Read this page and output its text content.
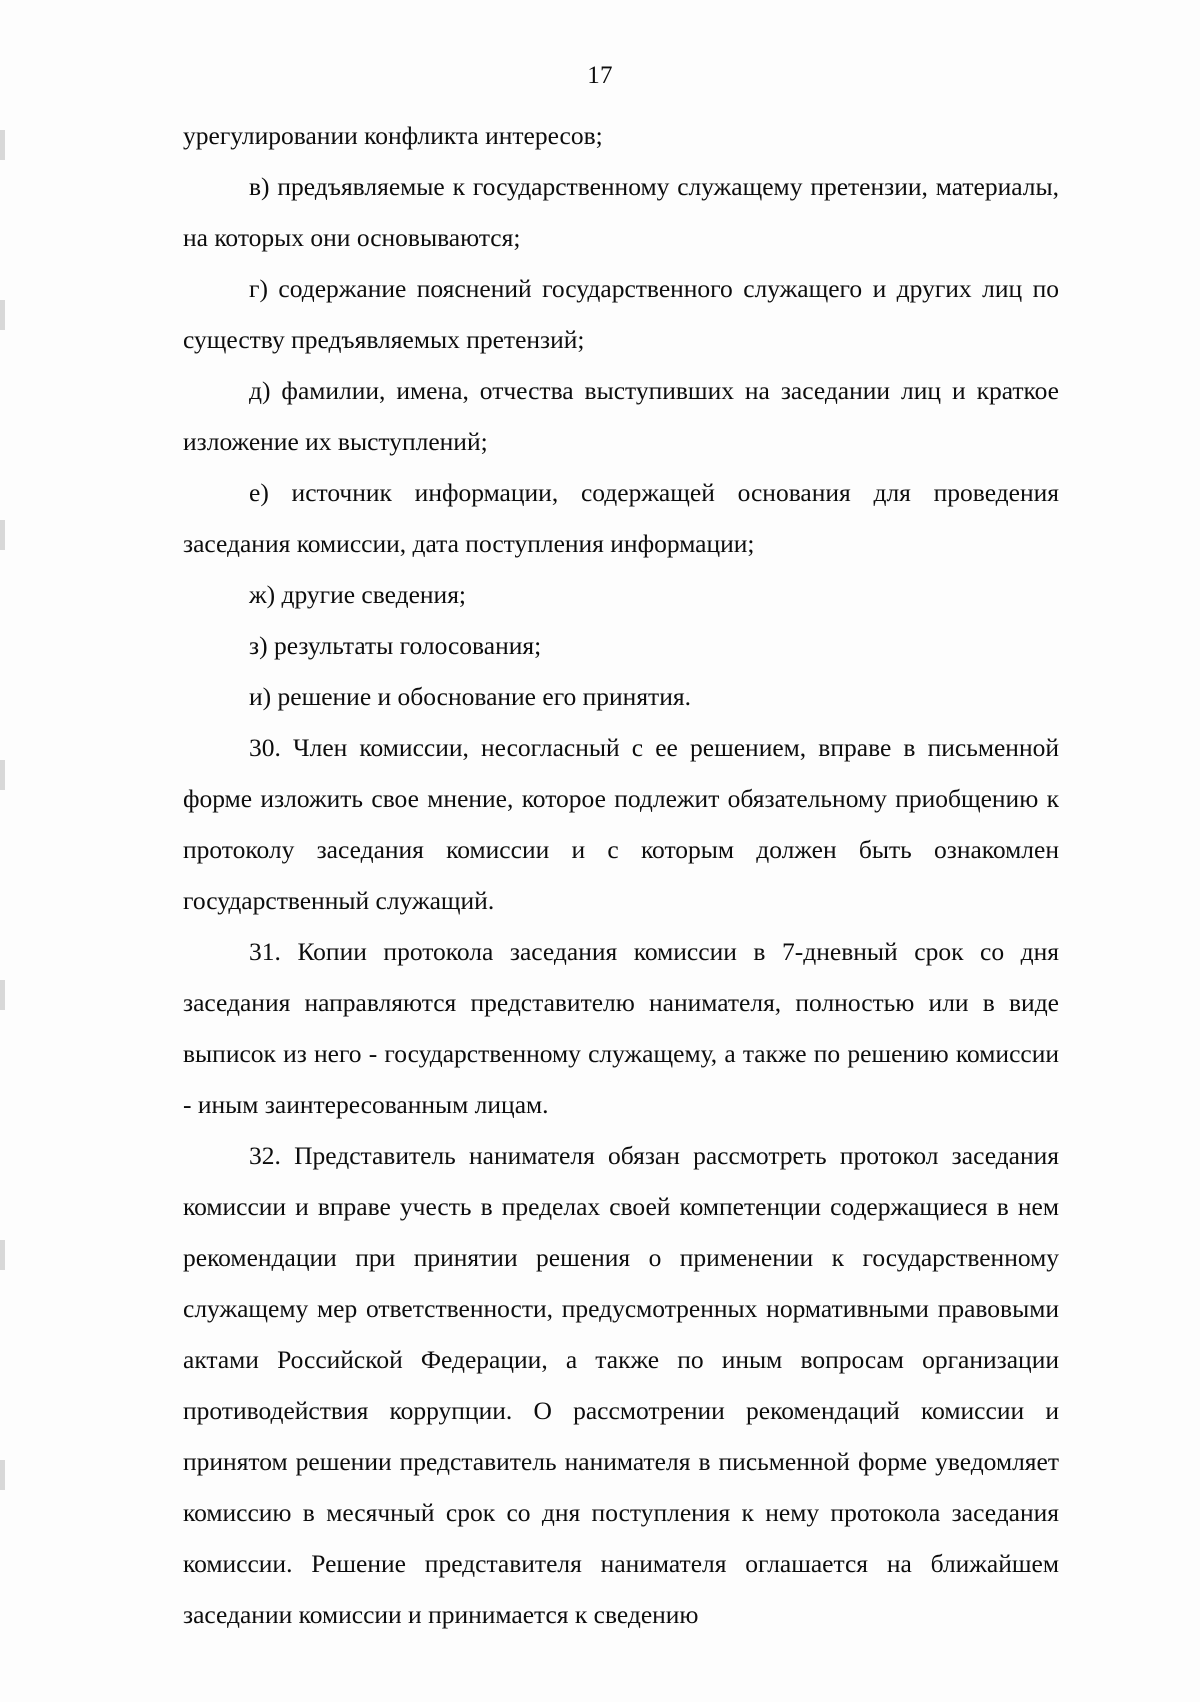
17

урегулировании конфликта интересов;

в) предъявляемые к государственному служащему претензии, материалы, на которых они основываются;

г) содержание пояснений государственного служащего и других лиц по существу предъявляемых претензий;

д) фамилии, имена, отчества выступивших на заседании лиц и краткое изложение их выступлений;

е) источник информации, содержащей основания для проведения заседания комиссии, дата поступления информации;

ж) другие сведения;

з) результаты голосования;

и) решение и обоснование его принятия.

30. Член комиссии, несогласный с ее решением, вправе в письменной форме изложить свое мнение, которое подлежит обязательному приобщению к протоколу заседания комиссии и с которым должен быть ознакомлен государственный служащий.

31. Копии протокола заседания комиссии в 7-дневный срок со дня заседания направляются представителю нанимателя, полностью или в виде выписок из него - государственному служащему, а также по решению комиссии - иным заинтересованным лицам.

32. Представитель нанимателя обязан рассмотреть протокол заседания комиссии и вправе учесть в пределах своей компетенции содержащиеся в нем рекомендации при принятии решения о применении к государственному служащему мер ответственности, предусмотренных нормативными правовыми актами Российской Федерации, а также по иным вопросам организации противодействия коррупции. О рассмотрении рекомендаций комиссии и принятом решении представитель нанимателя в письменной форме уведомляет комиссию в месячный срок со дня поступления к нему протокола заседания комиссии. Решение представителя нанимателя оглашается на ближайшем заседании комиссии и принимается к сведению
